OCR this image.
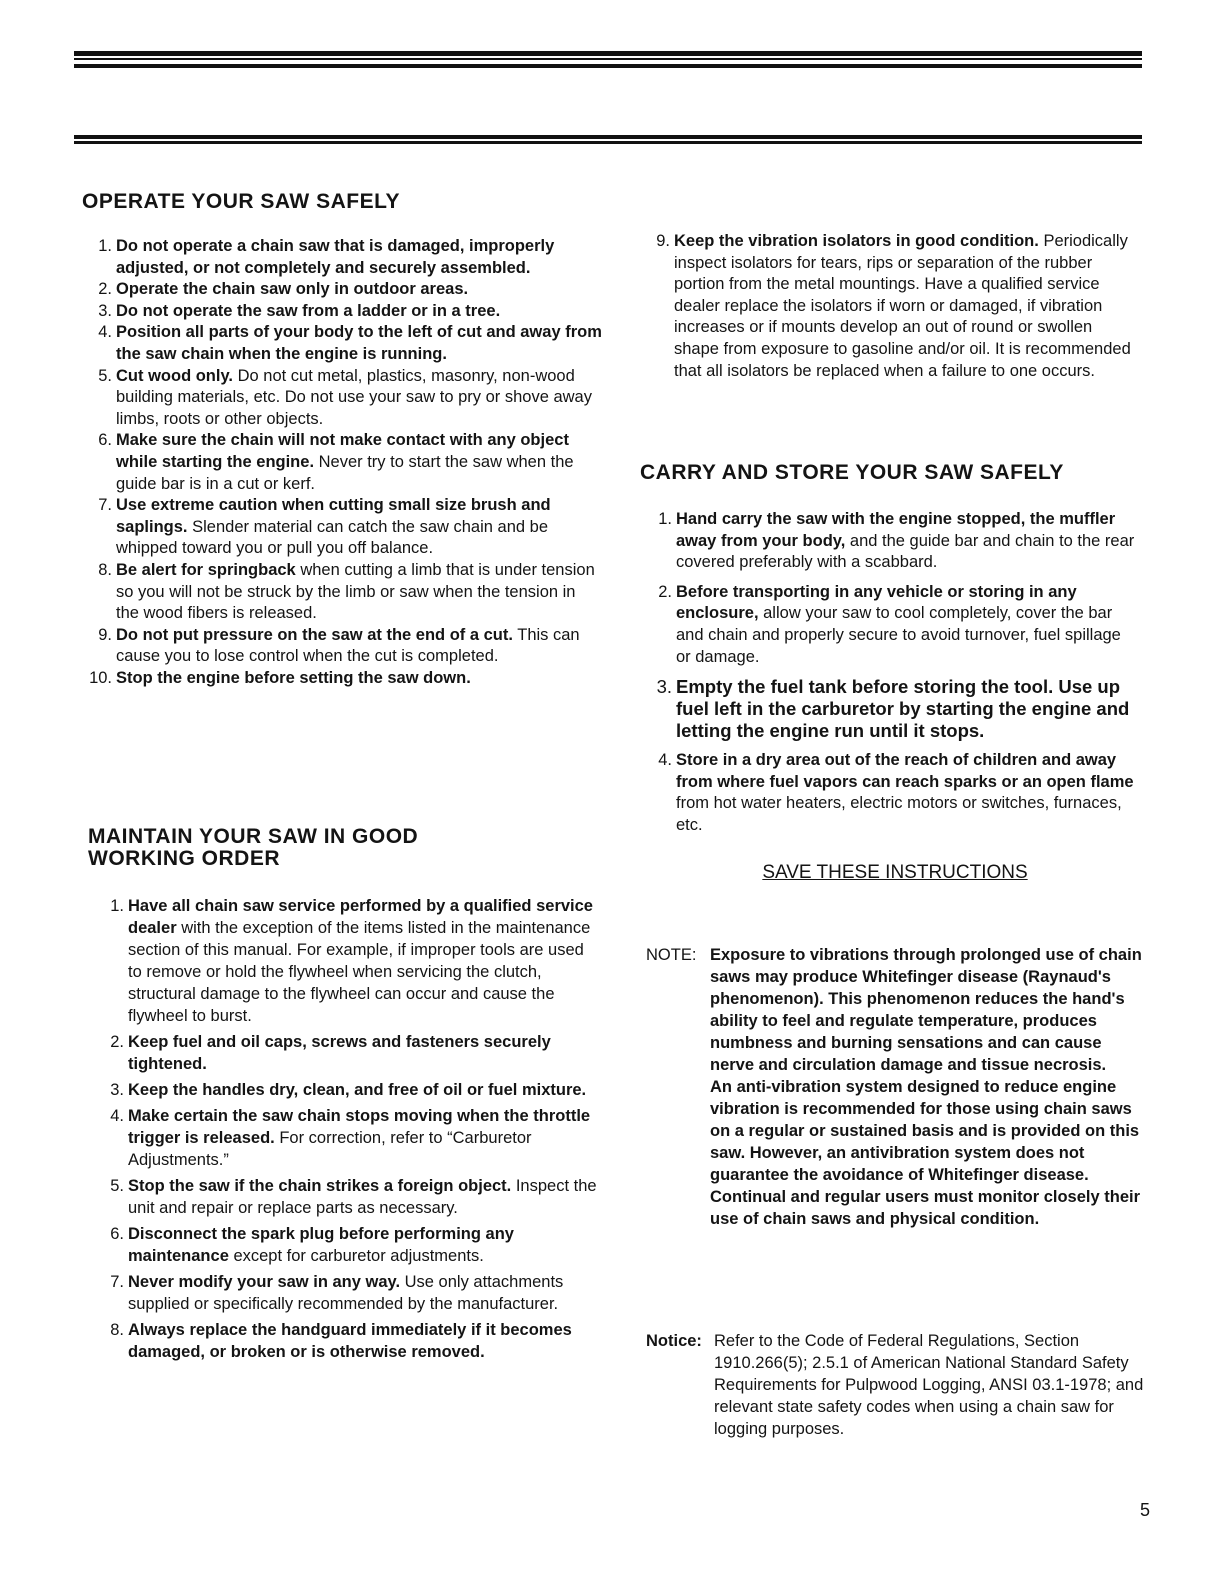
OPERATE YOUR SAW SAFELY
1. Do not operate a chain saw that is damaged, improperly adjusted, or not completely and securely assembled.
2. Operate the chain saw only in outdoor areas.
3. Do not operate the saw from a ladder or in a tree.
4. Position all parts of your body to the left of cut and away from the saw chain when the engine is running.
5. Cut wood only. Do not cut metal, plastics, masonry, non-wood building materials, etc. Do not use your saw to pry or shove away limbs, roots or other objects.
6. Make sure the chain will not make contact with any object while starting the engine. Never try to start the saw when the guide bar is in a cut or kerf.
7. Use extreme caution when cutting small size brush and saplings. Slender material can catch the saw chain and be whipped toward you or pull you off balance.
8. Be alert for springback when cutting a limb that is under tension so you will not be struck by the limb or saw when the tension in the wood fibers is released.
9. Do not put pressure on the saw at the end of a cut. This can cause you to lose control when the cut is completed.
10. Stop the engine before setting the saw down.
MAINTAIN YOUR SAW IN GOOD WORKING ORDER
1. Have all chain saw service performed by a qualified service dealer with the exception of the items listed in the maintenance section of this manual. For example, if improper tools are used to remove or hold the flywheel when servicing the clutch, structural damage to the flywheel can occur and cause the flywheel to burst.
2. Keep fuel and oil caps, screws and fasteners securely tightened.
3. Keep the handles dry, clean, and free of oil or fuel mixture.
4. Make certain the saw chain stops moving when the throttle trigger is released. For correction, refer to “Carburetor Adjustments.”
5. Stop the saw if the chain strikes a foreign object. Inspect the unit and repair or replace parts as necessary.
6. Disconnect the spark plug before performing any maintenance except for carburetor adjustments.
7. Never modify your saw in any way. Use only attachments supplied or specifically recommended by the manufacturer.
8. Always replace the handguard immediately if it becomes damaged, or broken or is otherwise removed.
9. Keep the vibration isolators in good condition. Periodically inspect isolators for tears, rips or separation of the rubber portion from the metal mountings. Have a qualified service dealer replace the isolators if worn or damaged, if vibration increases or if mounts develop an out of round or swollen shape from exposure to gasoline and/or oil. It is recommended that all isolators be replaced when a failure to one occurs.
CARRY AND STORE YOUR SAW SAFELY
1. Hand carry the saw with the engine stopped, the muffler away from your body, and the guide bar and chain to the rear covered preferably with a scabbard.
2. Before transporting in any vehicle or storing in any enclosure, allow your saw to cool completely, cover the bar and chain and properly secure to avoid turnover, fuel spillage or damage.
3. Empty the fuel tank before storing the tool. Use up fuel left in the carburetor by starting the engine and letting the engine run until it stops.
4. Store in a dry area out of the reach of children and away from where fuel vapors can reach sparks or an open flame from hot water heaters, electric motors or switches, furnaces, etc.
SAVE THESE INSTRUCTIONS
NOTE: Exposure to vibrations through prolonged use of chain saws may produce Whitefinger disease (Raynaud's phenomenon). This phenomenon reduces the hand's ability to feel and regulate temperature, produces numbness and burning sensations and can cause nerve and circulation damage and tissue necrosis.
An anti-vibration system designed to reduce engine vibration is recommended for those using chain saws on a regular or sustained basis and is provided on this saw. However, an antivibration system does not guarantee the avoidance of Whitefinger disease. Continual and regular users must monitor closely their use of chain saws and physical condition.
Notice: Refer to the Code of Federal Regulations, Section 1910.266(5); 2.5.1 of American National Standard Safety Requirements for Pulpwood Logging, ANSI 03.1-1978; and relevant state safety codes when using a chain saw for logging purposes.
5
